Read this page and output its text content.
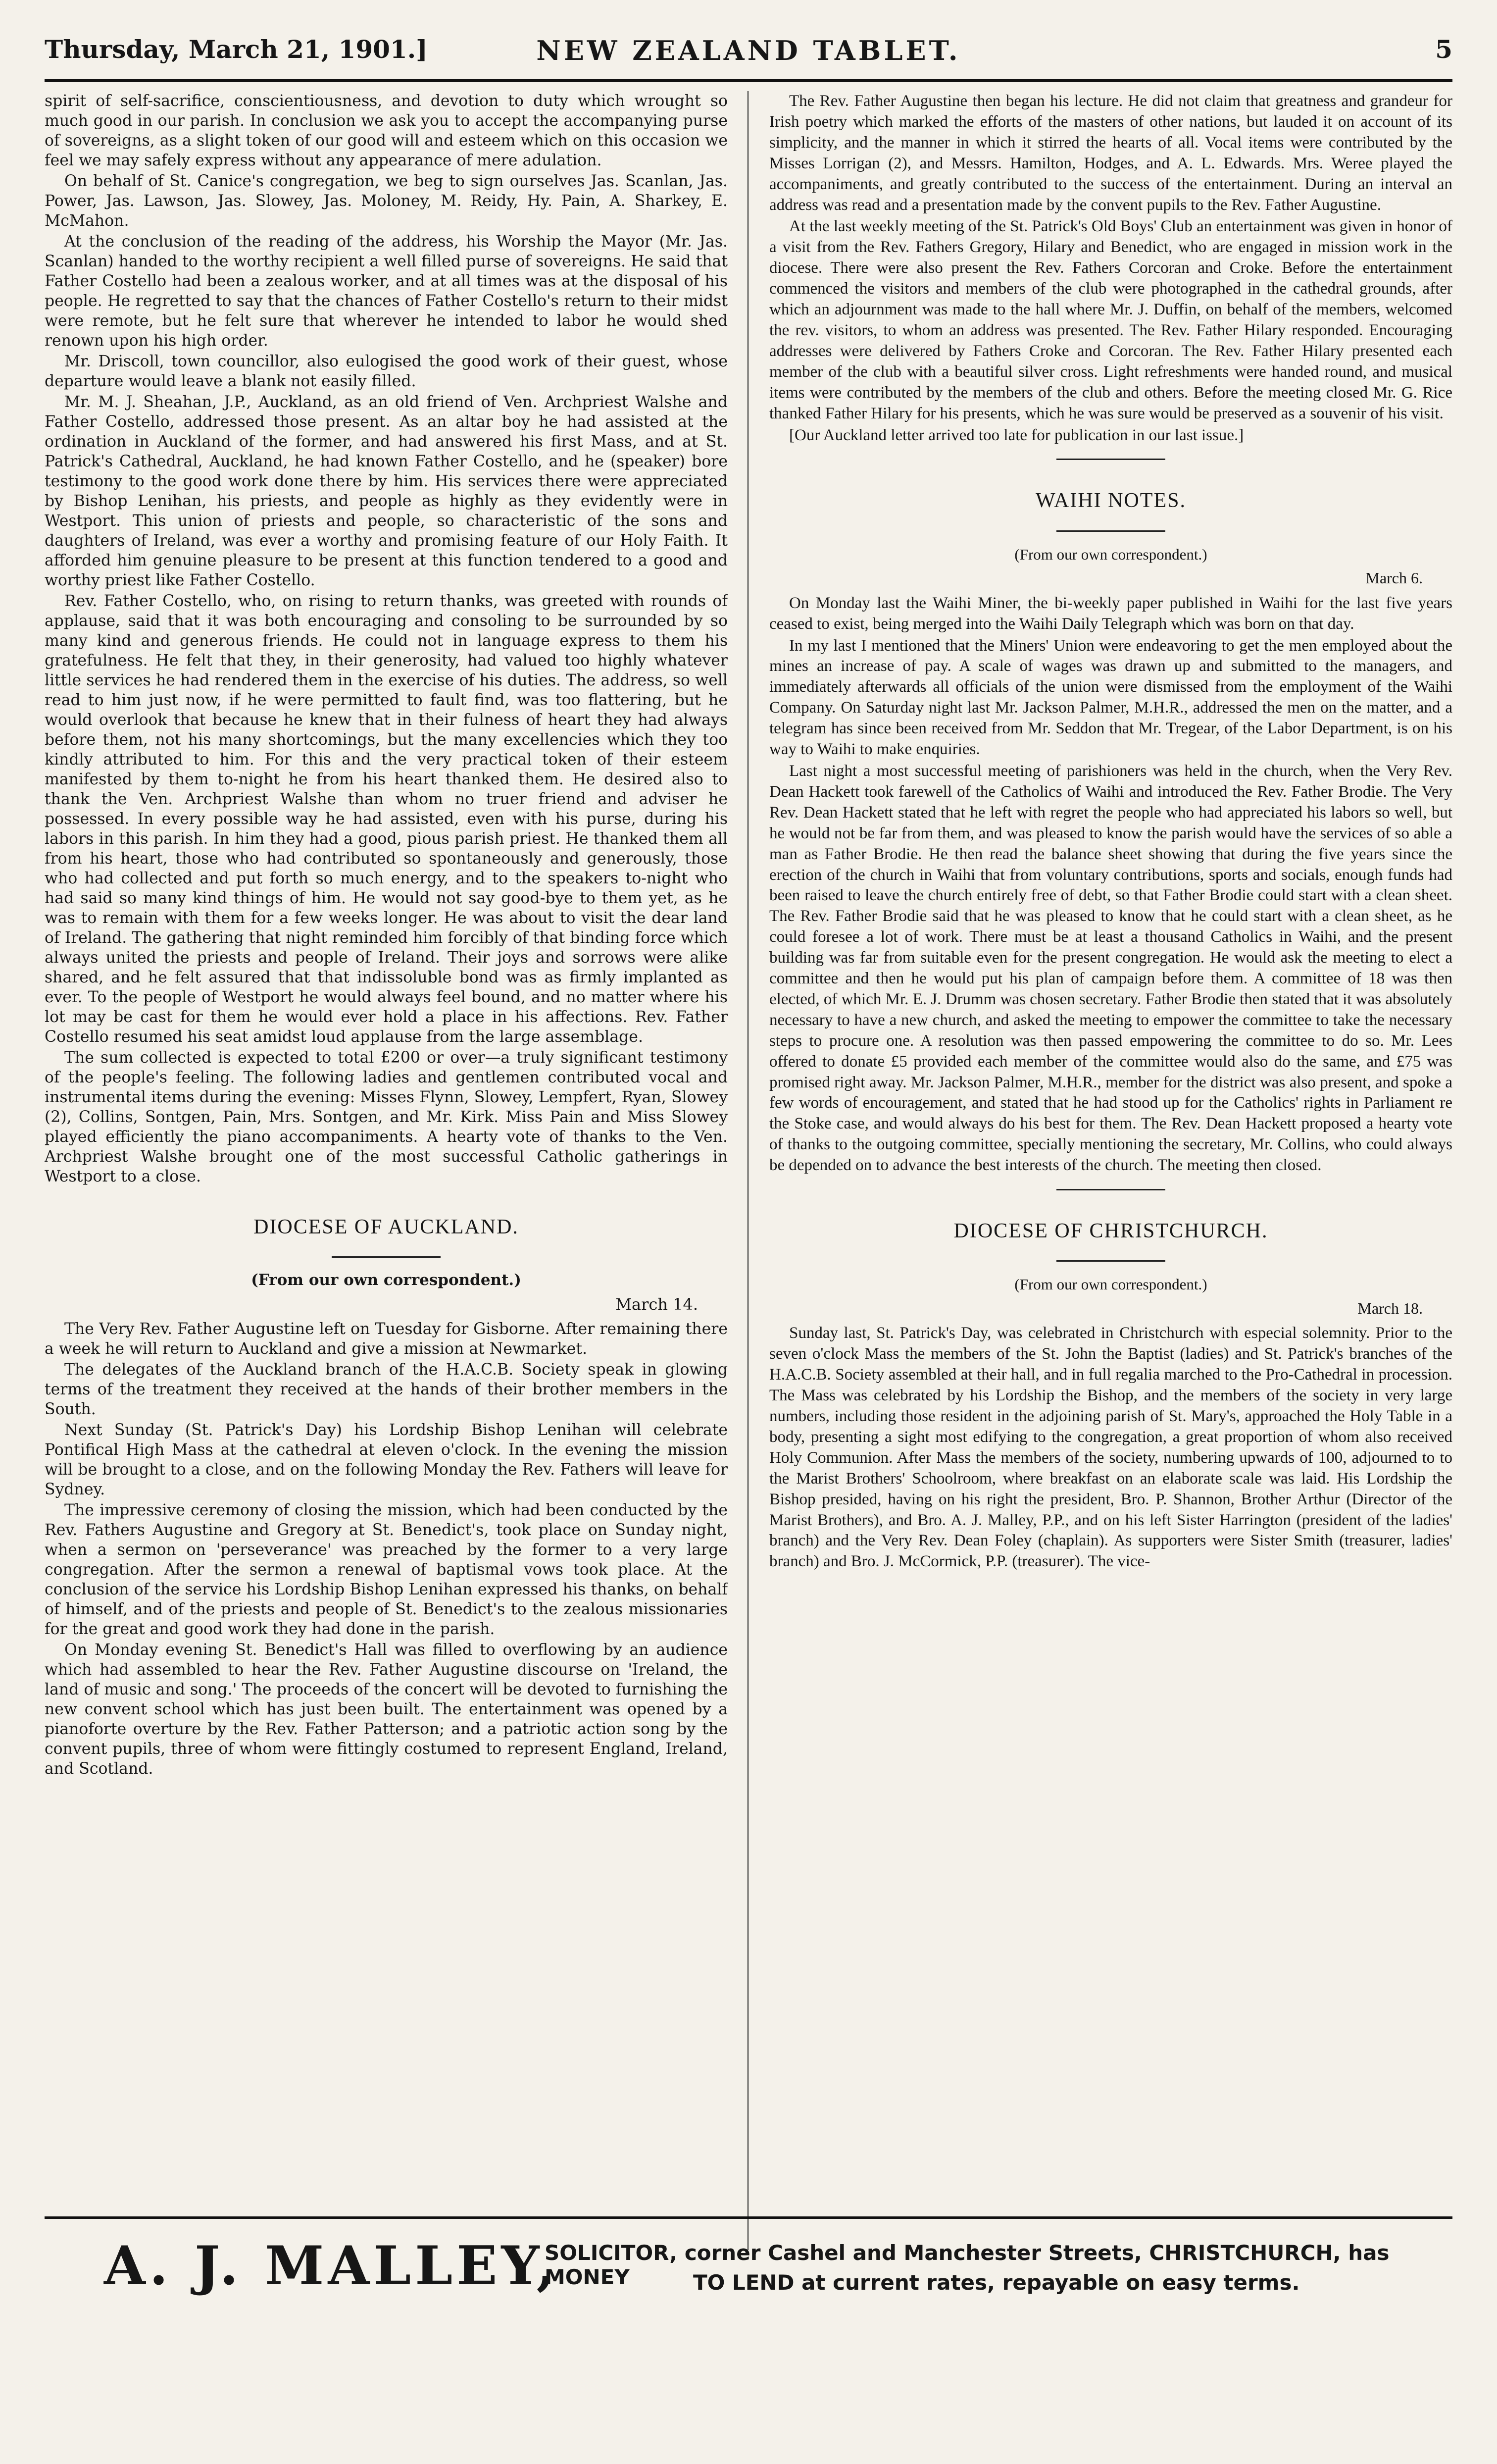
Thursday, March 21, 1901.]	NEW ZEALAND TABLET.	5

spirit of self-sacrifice, conscientiousness, and devotion to duty which wrought so much good in our parish. In conclusion we ask you to accept the accompanying purse of sovereigns, as a slight token of our good will and esteem which on this occasion we feel we may safely express without any appearance of mere adulation.

On behalf of St. Canice's congregation, we beg to sign ourselves Jas. Scanlan, Jas. Power, Jas. Lawson, Jas. Slowey, Jas. Moloney, M. Reidy, Hy. Pain, A. Sharkey, E. McMahon.

At the conclusion of the reading of the address, his Worship the Mayor (Mr. Jas. Scanlan) handed to the worthy recipient a well filled purse of sovereigns. He said that Father Costello had been a zealous worker, and at all times was at the disposal of his people. He regretted to say that the chances of Father Costello's return to their midst were remote, but he felt sure that wherever he intended to labor he would shed renown upon his high order.

Mr. Driscoll, town councillor, also eulogised the good work of their guest, whose departure would leave a blank not easily filled.

Mr. M. J. Sheahan, J.P., Auckland, as an old friend of Ven. Archpriest Walshe and Father Costello, addressed those present. As an altar boy he had assisted at the ordination in Auckland of the former, and had answered his first Mass, and at St. Patrick's Cathedral, Auckland, he had known Father Costello, and he (speaker) bore testimony to the good work done there by him. His services there were appreciated by Bishop Lenihan, his priests, and people as highly as they evidently were in Westport. This union of priests and people, so characteristic of the sons and daughters of Ireland, was ever a worthy and promising feature of our Holy Faith. It afforded him genuine pleasure to be present at this function tendered to a good and worthy priest like Father Costello.

Rev. Father Costello, who, on rising to return thanks, was greeted with rounds of applause, said that it was both encouraging and consoling to be surrounded by so many kind and generous friends. He could not in language express to them his gratefulness. He felt that they, in their generosity, had valued too highly whatever little services he had rendered them in the exercise of his duties. The address, so well read to him just now, if he were permitted to fault find, was too flattering, but he would overlook that because he knew that in their fulness of heart they had always before them, not his many shortcomings, but the many excellencies which they too kindly attributed to him. For this and the very practical token of their esteem manifested by them to-night he from his heart thanked them. He desired also to thank the Ven. Archpriest Walshe than whom no truer friend and adviser he possessed. In every possible way he had assisted, even with his purse, during his labors in this parish. In him they had a good, pious parish priest. He thanked them all from his heart, those who had contributed so spontaneously and generously, those who had collected and put forth so much energy, and to the speakers to-night who had said so many kind things of him. He would not say good-bye to them yet, as he was to remain with them for a few weeks longer. He was about to visit the dear land of Ireland. The gathering that night reminded him forcibly of that binding force which always united the priests and people of Ireland. Their joys and sorrows were alike shared, and he felt assured that that indissoluble bond was as firmly implanted as ever. To the people of Westport he would always feel bound, and no matter where his lot may be cast for them he would ever hold a place in his affections. Rev. Father Costello resumed his seat amidst loud applause from the large assemblage.

The sum collected is expected to total £200 or over—a truly significant testimony of the people's feeling. The following ladies and gentlemen contributed vocal and instrumental items during the evening: Misses Flynn, Slowey, Lempfert, Ryan, Slowey (2), Collins, Sontgen, Pain, Mrs. Sontgen, and Mr. Kirk. Miss Pain and Miss Slowey played efficiently the piano accompaniments. A hearty vote of thanks to the Ven. Archpriest Walshe brought one of the most successful Catholic gatherings in Westport to a close.

DIOCESE OF AUCKLAND.
(From our own correspondent.)
March 14.

The Very Rev. Father Augustine left on Tuesday for Gisborne. After remaining there a week he will return to Auckland and give a mission at Newmarket.

The delegates of the Auckland branch of the H.A.C.B. Society speak in glowing terms of the treatment they received at the hands of their brother members in the South.

Next Sunday (St. Patrick's Day) his Lordship Bishop Lenihan will celebrate Pontifical High Mass at the cathedral at eleven o'clock. In the evening the mission will be brought to a close, and on the following Monday the Rev. Fathers will leave for Sydney.

The impressive ceremony of closing the mission, which had been conducted by the Rev. Fathers Augustine and Gregory at St. Benedict's, took place on Sunday night, when a sermon on 'perseverance' was preached by the former to a very large congregation. After the sermon a renewal of baptismal vows took place. At the conclusion of the service his Lordship Bishop Lenihan expressed his thanks, on behalf of himself, and of the priests and people of St. Benedict's to the zealous missionaries for the great and good work they had done in the parish.

On Monday evening St. Benedict's Hall was filled to overflowing by an audience which had assembled to hear the Rev. Father Augustine discourse on 'Ireland, the land of music and song.' The proceeds of the concert will be devoted to furnishing the new convent school which has just been built. The entertainment was opened by a pianoforte overture by the Rev. Father Patterson; and a patriotic action song by the convent pupils, three of whom were fittingly costumed to represent England, Ireland, and Scotland.

The Rev. Father Augustine then began his lecture. He did not claim that greatness and grandeur for Irish poetry which marked the efforts of the masters of other nations, but lauded it on account of its simplicity, and the manner in which it stirred the hearts of all. Vocal items were contributed by the Misses Lorrigan (2), and Messrs. Hamilton, Hodges, and A. L. Edwards. Mrs. Weree played the accompaniments, and greatly contributed to the success of the entertainment. During an interval an address was read and a presentation made by the convent pupils to the Rev. Father Augustine.

At the last weekly meeting of the St. Patrick's Old Boys' Club an entertainment was given in honor of a visit from the Rev. Fathers Gregory, Hilary and Benedict, who are engaged in mission work in the diocese. There were also present the Rev. Fathers Corcoran and Croke. Before the entertainment commenced the visitors and members of the club were photographed in the cathedral grounds, after which an adjournment was made to the hall where Mr. J. Duffin, on behalf of the members, welcomed the rev. visitors, to whom an address was presented. The Rev. Father Hilary responded. Encouraging addresses were delivered by Fathers Croke and Corcoran. The Rev. Father Hilary presented each member of the club with a beautiful silver cross. Light refreshments were handed round, and musical items were contributed by the members of the club and others. Before the meeting closed Mr. G. Rice thanked Father Hilary for his presents, which he was sure would be preserved as a souvenir of his visit.

[Our Auckland letter arrived too late for publication in our last issue.]

WAIHI NOTES.
(From our own correspondent.)
March 6.

On Monday last the Waihi Miner, the bi-weekly paper published in Waihi for the last five years ceased to exist, being merged into the Waihi Daily Telegraph which was born on that day.

In my last I mentioned that the Miners' Union were endeavoring to get the men employed about the mines an increase of pay. A scale of wages was drawn up and submitted to the managers, and immediately afterwards all officials of the union were dismissed from the employment of the Waihi Company. On Saturday night last Mr. Jackson Palmer, M.H.R., addressed the men on the matter, and a telegram has since been received from Mr. Seddon that Mr. Tregear, of the Labor Department, is on his way to Waihi to make enquiries.

Last night a most successful meeting of parishioners was held in the church, when the Very Rev. Dean Hackett took farewell of the Catholics of Waihi and introduced the Rev. Father Brodie. The Very Rev. Dean Hackett stated that he left with regret the people who had appreciated his labors so well, but he would not be far from them, and was pleased to know the parish would have the services of so able a man as Father Brodie. He then read the balance sheet showing that during the five years since the erection of the church in Waihi that from voluntary contributions, sports and socials, enough funds had been raised to leave the church entirely free of debt, so that Father Brodie could start with a clean sheet. The Rev. Father Brodie said that he was pleased to know that he could start with a clean sheet, as he could foresee a lot of work. There must be at least a thousand Catholics in Waihi, and the present building was far from suitable even for the present congregation. He would ask the meeting to elect a committee and then he would put his plan of campaign before them. A committee of 18 was then elected, of which Mr. E. J. Drumm was chosen secretary. Father Brodie then stated that it was absolutely necessary to have a new church, and asked the meeting to empower the committee to take the necessary steps to procure one. A resolution was then passed empowering the committee to do so. Mr. Lees offered to donate £5 provided each member of the committee would also do the same, and £75 was promised right away. Mr. Jackson Palmer, M.H.R., member for the district was also present, and spoke a few words of encouragement, and stated that he had stood up for the Catholics' rights in Parliament re the Stoke case, and would always do his best for them. The Rev. Dean Hackett proposed a hearty vote of thanks to the outgoing committee, specially mentioning the secretary, Mr. Collins, who could always be depended on to advance the best interests of the church. The meeting then closed.

DIOCESE OF CHRISTCHURCH.
(From our own correspondent.)
March 18.

Sunday last, St. Patrick's Day, was celebrated in Christchurch with especial solemnity. Prior to the seven o'clock Mass the members of the St. John the Baptist (ladies) and St. Patrick's branches of the H.A.C.B. Society assembled at their hall, and in full regalia marched to the Pro-Cathedral in procession. The Mass was celebrated by his Lordship the Bishop, and the members of the society in very large numbers, including those resident in the adjoining parish of St. Mary's, approached the Holy Table in a body, presenting a sight most edifying to the congregation, a great proportion of whom also received Holy Communion. After Mass the members of the society, numbering upwards of 100, adjourned to to the Marist Brothers' Schoolroom, where breakfast on an elaborate scale was laid. His Lordship the Bishop presided, having on his right the president, Bro. P. Shannon, Brother Arthur (Director of the Marist Brothers), and Bro. A. J. Malley, P.P., and on his left Sister Harrington (president of the ladies' branch) and the Very Rev. Dean Foley (chaplain). As supporters were Sister Smith (treasurer, ladies' branch) and Bro. J. McCormick, P.P. (treasurer). The vice-

A. J. MALLEY,
SOLICITOR, corner Cashel and Manchester Streets, CHRISTCHURCH, has MONEY	TO LEND at current rates, repayable on easy terms.
